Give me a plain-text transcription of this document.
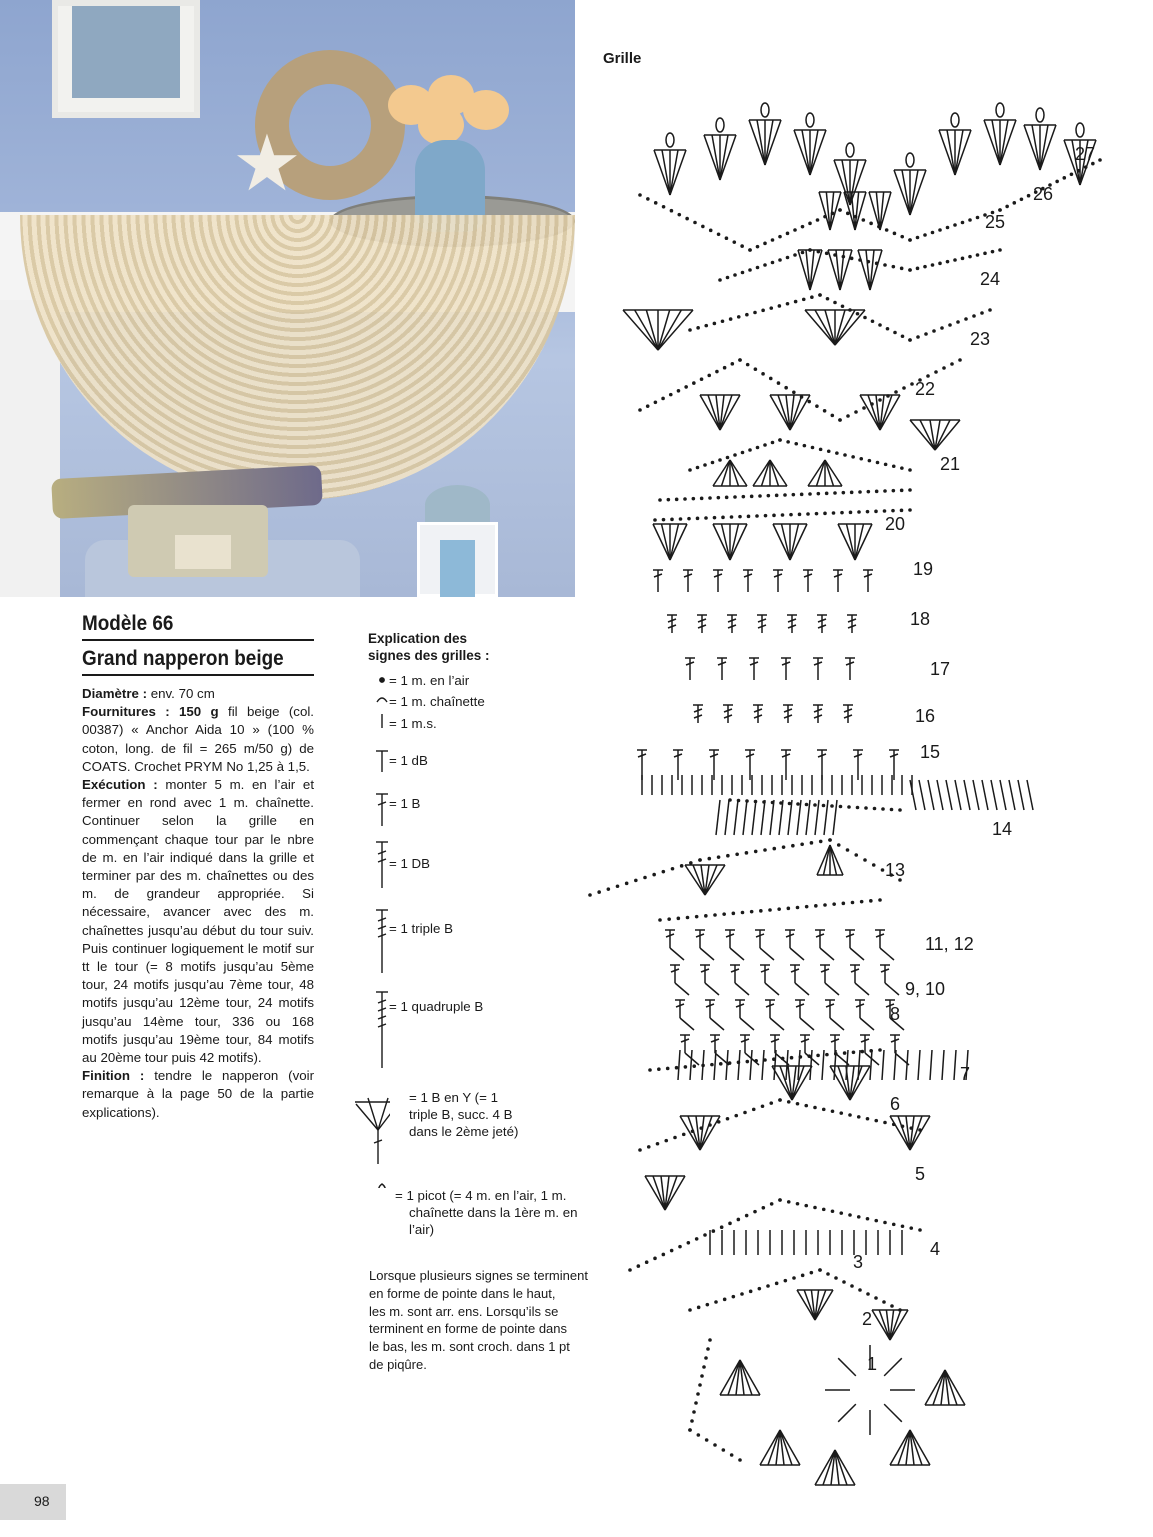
★
Modèle 66
Grand napperon beige

Diamètre : env. 70 cm

Fournitures : 150 g fil beige (col. 00387) « Anchor Aida 10 » (100 % coton, long. de fil = 265 m/50 g) de COATS. Crochet PRYM No 1,25 à 1,5.

Exécution : monter 5 m. en l’air et fermer en rond avec 1 m. chaînette. Continuer selon la grille en commençant chaque tour par le nbre de m. en l’air indiqué dans la grille et terminer par des m. chaînettes ou des m. de grandeur appropriée. Si nécessaire, avancer avec des m. chaînettes jusqu’au début du tour suiv. Puis continuer logiquement le motif sur tt le tour (= 8 motifs jusqu’au 5ème tour, 24 motifs jusqu’au 7ème tour, 48 motifs jusqu’au 12ème tour, 24 motifs jusqu’au 14ème tour, 336 ou 168 motifs jusqu’au 19ème tour, 84 motifs au 20ème tour puis 42 motifs).

Finition : tendre le napperon (voir remarque à la page 50 de la partie explications).

Explication des
signes des grilles :
= 1 m. en l’air
= 1 m. chaînette
= 1 m.s.
= 1 dB
= 1 B
= 1 DB
= 1 triple B
= 1 quadruple B
= 1 B en Y (= 1
triple B, succ. 4 B
dans le 2ème jeté)
= 1 picot (= 4 m. en l’air, 1 m.
chaînette dans la 1ère m. en
l’air)
Lorsque plusieurs signes se terminent
en forme de pointe dans le haut,
les m. sont arr. ens. Lorsqu’ils se
terminent en forme de pointe dans
le bas, les m. sont croch. dans 1 pt
de piqûre.
Grille
27
26
25
24
23
22
21
20
19
18
17
16
15
14
13
11, 12
9, 10
8
7
6
5
4
3
2
1
98
